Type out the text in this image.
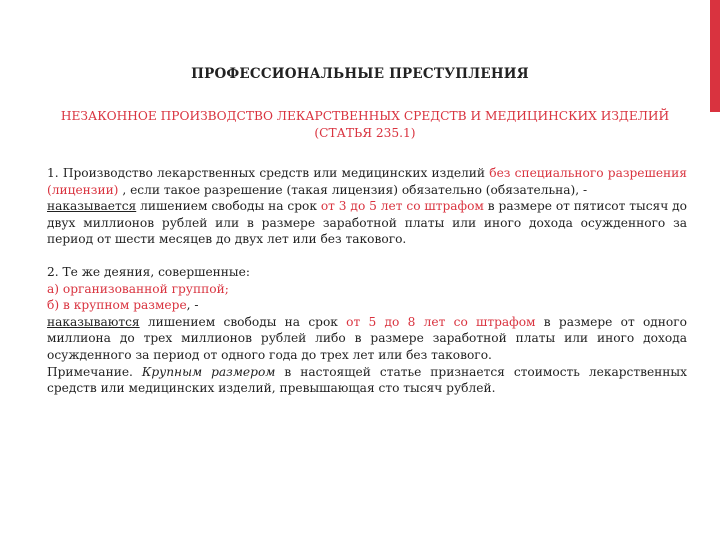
ПРОФЕССИОНАЛЬНЫЕ ПРЕСТУПЛЕНИЯ
НЕЗАКОННОЕ ПРОИЗВОДСТВО ЛЕКАРСТВЕННЫХ СРЕДСТВ И МЕДИЦИНСКИХ ИЗДЕЛИЙ (СТАТЬЯ 235.1)

1. Производство лекарственных средств или медицинских изделий без специального разрешения (лицензии) , если такое разрешение (такая лицензия) обязательно (обязательна), -

наказывается лишением свободы на срок от 3 до 5 лет со штрафом в размере от пятисот тысяч до двух миллионов рублей или в размере заработной платы или иного дохода осужденного за период от шести месяцев до двух лет или без такового.

2. Те же деяния, совершенные:

а) организованной группой;

б) в крупном размере, -

наказываются лишением свободы на срок от 5 до 8 лет со штрафом в размере от одного миллиона до трех миллионов рублей либо в размере заработной платы или иного дохода осужденного за период от одного года до трех лет или без такового.

Примечание. Крупным размером в настоящей статье признается стоимость лекарственных средств или медицинских изделий, превышающая сто тысяч рублей.
